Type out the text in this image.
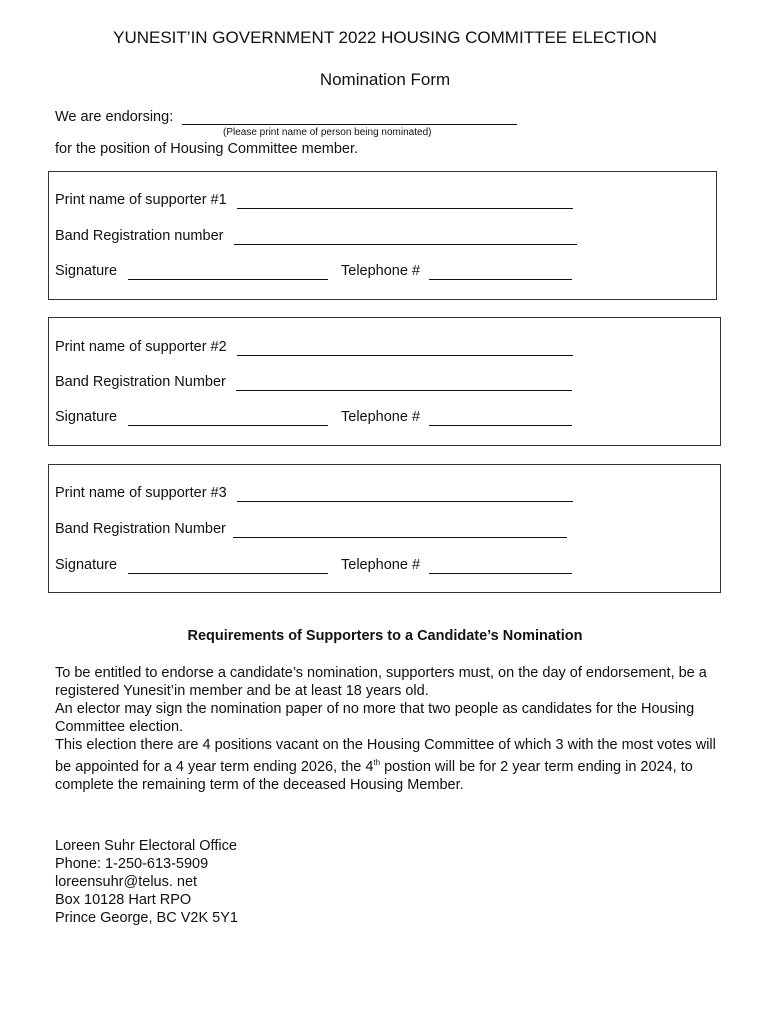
YUNESIT’IN GOVERNMENT 2022 HOUSING COMMITTEE ELECTION
Nomination Form
We are endorsing:
(Please print name of person being nominated)
for the position of Housing Committee member.
Print name of supporter #1
Band Registration number
Signature	Telephone #
Print name of supporter #2
Band Registration Number
Signature	Telephone #
Print name of supporter #3
Band Registration Number
Signature	Telephone #
Requirements of Supporters to a Candidate’s Nomination

To be entitled to endorse a candidate’s nomination, supporters must, on the day of endorsement, be a registered Yunesit’in member and be at least 18 years old.

An elector may sign the nomination paper of no more that two people as candidates for the Housing Committee election.

This election there are 4 positions vacant on the Housing Committee of which 3 with the most votes will be appointed for a 4 year term ending 2026, the 4th postion will be for 2 year term ending in 2024, to complete the remaining term of the deceased Housing Member.

Loreen Suhr Electoral Office
Phone: 1-250-613-5909
loreensuhr@telus. net
Box 10128 Hart RPO
Prince George, BC V2K 5Y1
